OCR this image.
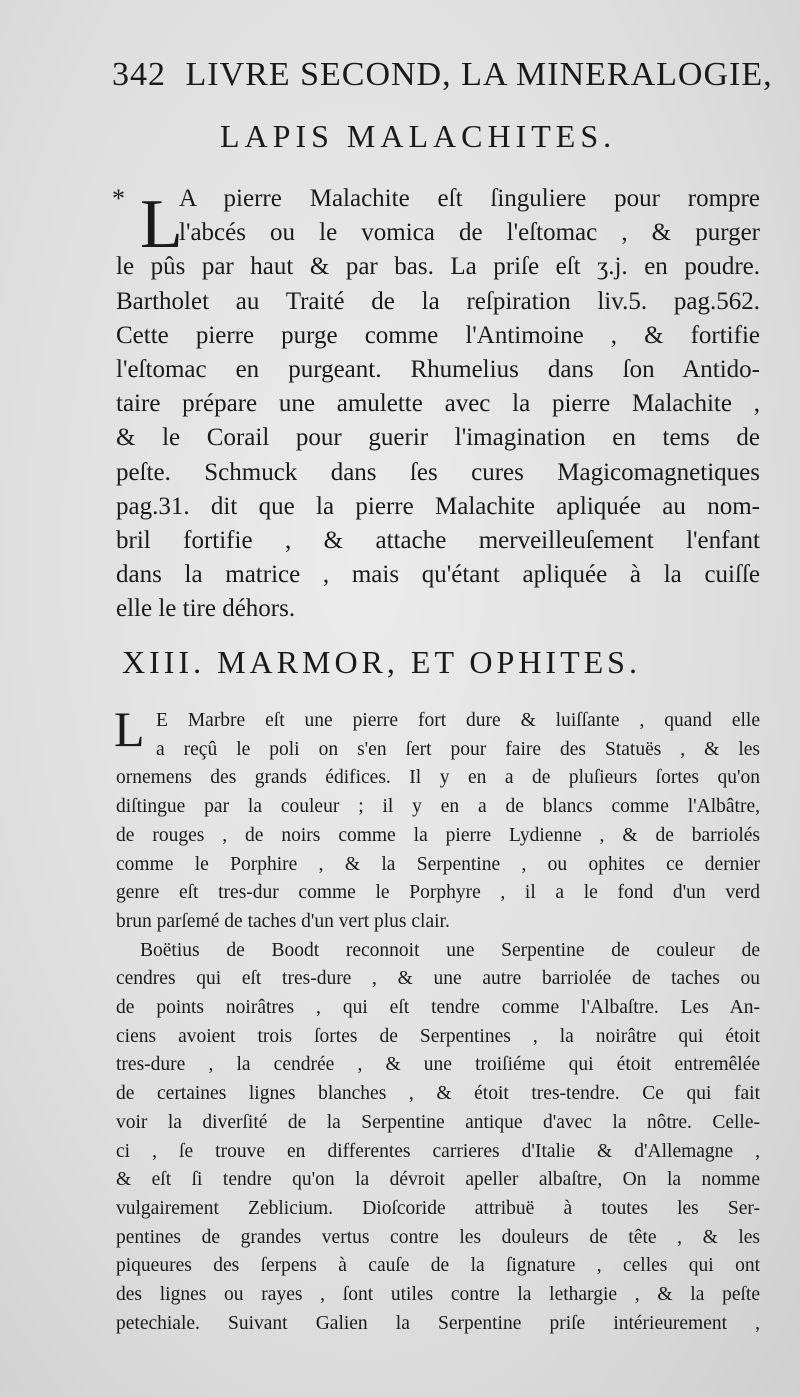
342 LIVRE SECOND, LA MINERALOGIE,
LAPIS MALACHITES.
* L
A pierre Malachite eſt ſinguliere pour rompre
l'abcés ou le vomica de l'eſtomac , & purger
le pûs par haut & par bas. La priſe eſt ʒ.j. en poudre.
Bartholet au Traité de la reſpiration liv.5. pag.562.
Cette pierre purge comme l'Antimoine , & fortifie
l'eſtomac en purgeant. Rhumelius dans ſon Antido-
taire prépare une amulette avec la pierre Malachite ,
& le Corail pour guerir l'imagination en tems de
peſte. Schmuck dans ſes cures Magicomagnetiques
pag.31. dit que la pierre Malachite apliquée au nom-
bril fortifie , & attache merveilleuſement l'enfant
dans la matrice , mais qu'étant apliquée à la cuiſſe
elle le tire déhors.
XIII. MARMOR, ET OPHITES.
L E Marbre eſt une pierre fort dure & luiſſante , quand elle
a reçû le poli on s'en ſert pour faire des Statuës , & les
ornemens des grands édifices. Il y en a de pluſieurs ſortes qu'on
diſtingue par la couleur ; il y en a de blancs comme l'Albâtre,
de rouges , de noirs comme la pierre Lydienne , & de barriolés
comme le Porphire , & la Serpentine , ou ophites ce dernier
genre eſt tres-dur comme le Porphyre , il a le fond d'un verd
brun parſemé de taches d'un vert plus clair.
Boëtius de Boodt reconnoit une Serpentine de couleur de
cendres qui eſt tres-dure , & une autre barriolée de taches ou
de points noirâtres , qui eſt tendre comme l'Albaſtre. Les An-
ciens avoient trois ſortes de Serpentines , la noirâtre qui étoit
tres-dure , la cendrée , & une troiſiéme qui étoit entremêlée
de certaines lignes blanches , & étoit tres-tendre. Ce qui fait
voir la diverſité de la Serpentine antique d'avec la nôtre. Celle-
ci , ſe trouve en differentes carrieres d'Italie & d'Allemagne ,
& eſt ſi tendre qu'on la dévroit apeller albaſtre, On la nomme
vulgairement Zeblicium. Dioſcoride attribuë à toutes les Ser-
pentines de grandes vertus contre les douleurs de tête , & les
piqueures des ſerpens à cauſe de la ſignature , celles qui ont
des lignes ou rayes , ſont utiles contre la lethargie , & la peſte
petechiale. Suivant Galien la Serpentine priſe intérieurement ,
